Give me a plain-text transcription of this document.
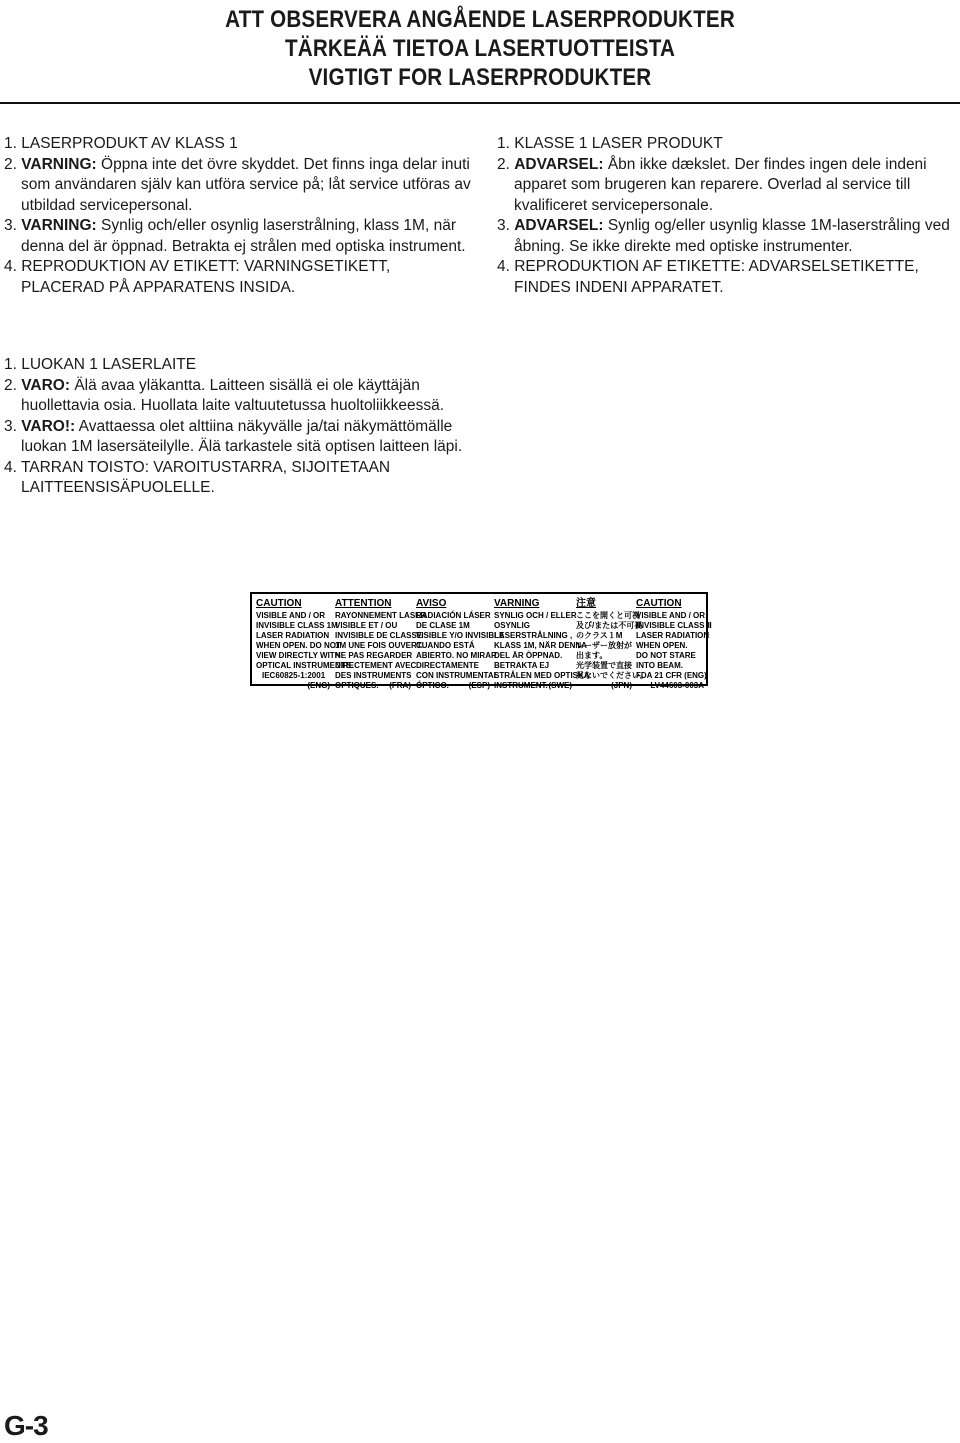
ATT OBSERVERA ANGÅENDE LASERPRODUKTER
TÄRKEÄÄ TIETOA LASERTUOTTEISTA
VIGTIGT FOR LASERPRODUKTER

1. LASERPRODUKT AV KLASS 1

2. VARNING: Öppna inte det övre skyddet. Det finns inga delar inuti som användaren själv kan utföra service på; låt service utföras av utbildad servicepersonal.

3. VARNING: Synlig och/eller osynlig laserstrålning, klass 1M, när denna del är öppnad. Betrakta ej strålen med optiska instrument.

4. REPRODUKTION AV ETIKETT: VARNINGSETIKETT, PLACERAD PÅ APPARATENS INSIDA.

1. KLASSE 1 LASER PRODUKT

2. ADVARSEL: Åbn ikke dækslet. Der findes ingen dele indeni apparet som brugeren kan reparere. Overlad al service till kvalificeret servicepersonale.

3. ADVARSEL: Synlig og/eller usynlig klasse 1M-laserstråling ved åbning. Se ikke direkte med optiske instrumenter.

4. REPRODUKTION AF ETIKETTE: ADVARSELSETIKETTE, FINDES INDENI APPARATET.

1. LUOKAN 1 LASERLAITE

2. VARO: Älä avaa yläkantta. Laitteen sisällä ei ole käyttäjän huollettavia osia. Huollata laite valtuutetussa huoltoliikkeessä.

3. VARO!: Avattaessa olet alttiina näkyvälle ja/tai näkymättömälle luokan 1M lasersäteilylle. Älä tarkastele sitä optisen laitteen läpi.

4. TARRAN TOISTO: VAROITUSTARRA, SIJOITETAAN LAITTEENSISÄPUOLELLE.

CAUTION
VISIBLE AND / OR
INVISIBLE CLASS 1M
LASER RADIATION
WHEN OPEN. DO NOT
VIEW DIRECTLY WITH
OPTICAL INSTRUMENTS.
IEC60825-1:2001
(ENG)
ATTENTION
RAYONNEMENT LASER
VISIBLE ET / OU
INVISIBLE DE CLASSE
1M UNE FOIS OUVERT.
NE PAS REGARDER
DIRECTEMENT AVEC
DES INSTRUMENTS
OPTIQUES. (FRA)
AVISO
RADIACIÓN LÁSER
DE CLASE 1M
VISIBLE Y/O INVISIBLE
CUANDO ESTÁ
ABIERTO. NO MIRAR
DIRECTAMENTE
CON INSTRUMENTAL
ÓPTICO. (ESP)
VARNING
SYNLIG OCH / ELLER
OSYNLIG
LASERSTRÅLNING ,
KLASS 1M, NÄR DENNA
DEL ÄR ÖPPNAD.
BETRAKTA EJ
STRÅLEN MED OPTISKA
INSTRUMENT. (SWE)
注意
ここを開くと可視
及び/または不可視
のクラス１M
レーザー放射が
出ます。
光学装置で直接
見ないでください。
(JPN)
CAUTION
VISIBLE AND / OR
INVISIBLE CLASS Ⅱ
LASER RADIATION
WHEN OPEN.
DO NOT STARE
INTO BEAM.
FDA 21 CFR (ENG)
LV44603-003A
G-3
